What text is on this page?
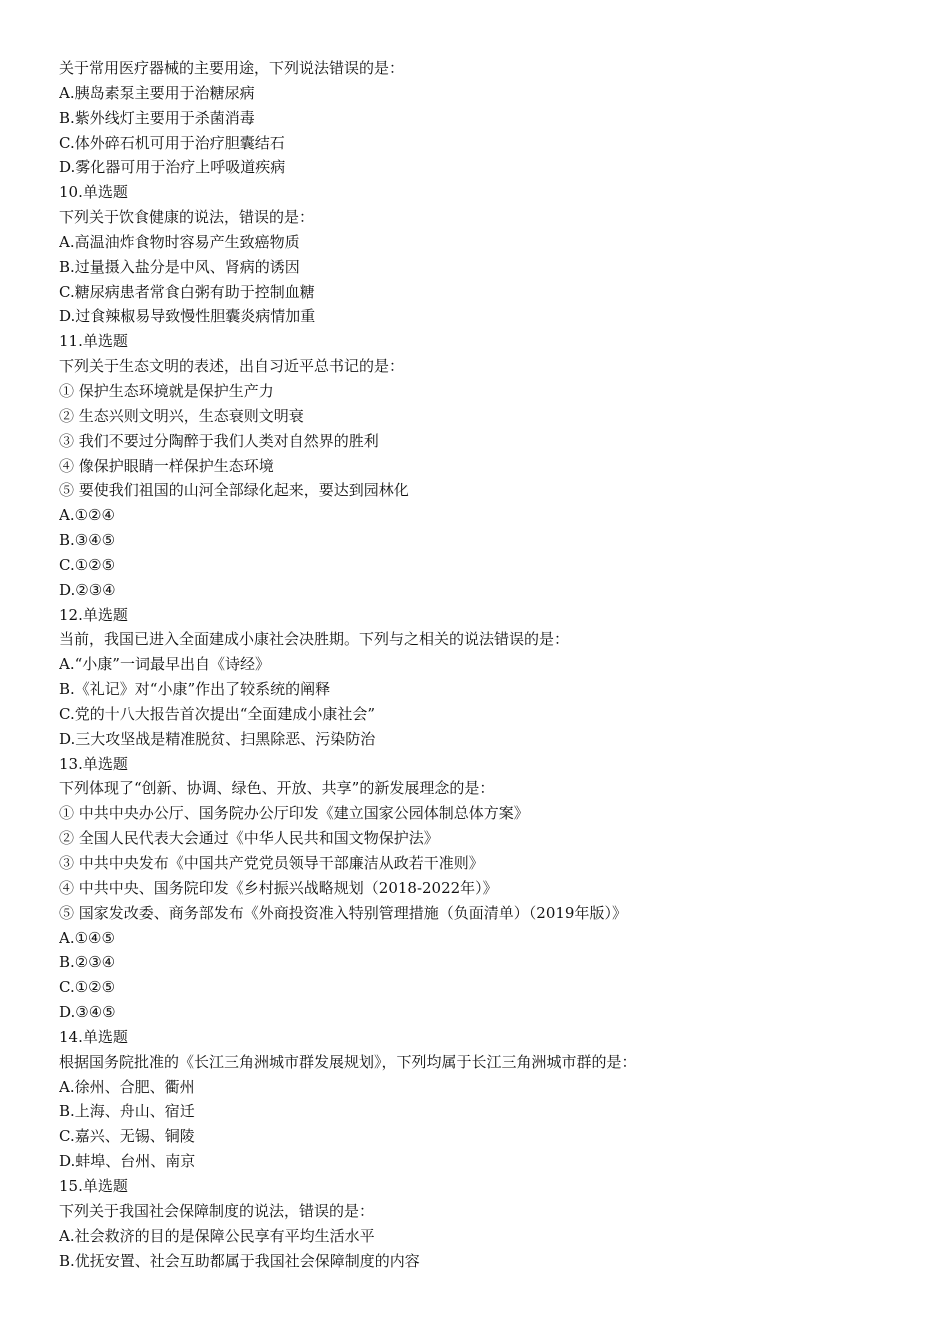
关于常用医疗器械的主要用途，下列说法错误的是：
A.胰岛素泵主要用于治糖尿病
B.紫外线灯主要用于杀菌消毒
C.体外碎石机可用于治疗胆囊结石
D.雾化器可用于治疗上呼吸道疾病
10.单选题
下列关于饮食健康的说法，错误的是：
A.高温油炸食物时容易产生致癌物质
B.过量摄入盐分是中风、肾病的诱因
C.糖尿病患者常食白粥有助于控制血糖
D.过食辣椒易导致慢性胆囊炎病情加重
11.单选题
下列关于生态文明的表述，出自习近平总书记的是：
① 保护生态环境就是保护生产力
② 生态兴则文明兴，生态衰则文明衰
③ 我们不要过分陶醉于我们人类对自然界的胜利
④ 像保护眼睛一样保护生态环境
⑤ 要使我们祖国的山河全部绿化起来，要达到园林化
A.①②④
B.③④⑤
C.①②⑤
D.②③④
12.单选题
当前，我国已进入全面建成小康社会决胜期。下列与之相关的说法错误的是：
A.“小康”一词最早出自《诗经》
B.《礼记》对“小康”作出了较系统的阐释
C.党的十八大报告首次提出“全面建成小康社会”
D.三大攻坚战是精准脱贫、扫黑除恶、污染防治
13.单选题
下列体现了“创新、协调、绿色、开放、共享”的新发展理念的是：
① 中共中央办公厅、国务院办公厅印发《建立国家公园体制总体方案》
② 全国人民代表大会通过《中华人民共和国文物保护法》
③ 中共中央发布《中国共产党党员领导干部廉洁从政若干准则》
④ 中共中央、国务院印发《乡村振兴战略规划（2018-2022年）》
⑤ 国家发改委、商务部发布《外商投资准入特别管理措施（负面清单）（2019年版）》
A.①④⑤
B.②③④
C.①②⑤
D.③④⑤
14.单选题
根据国务院批准的《长江三角洲城市群发展规划》，下列均属于长江三角洲城市群的是：
A.徐州、合肥、衢州
B.上海、舟山、宿迁
C.嘉兴、无锡、铜陵
D.蚌埠、台州、南京
15.单选题
下列关于我国社会保障制度的说法，错误的是：
A.社会救济的目的是保障公民享有平均生活水平
B.优抚安置、社会互助都属于我国社会保障制度的内容
